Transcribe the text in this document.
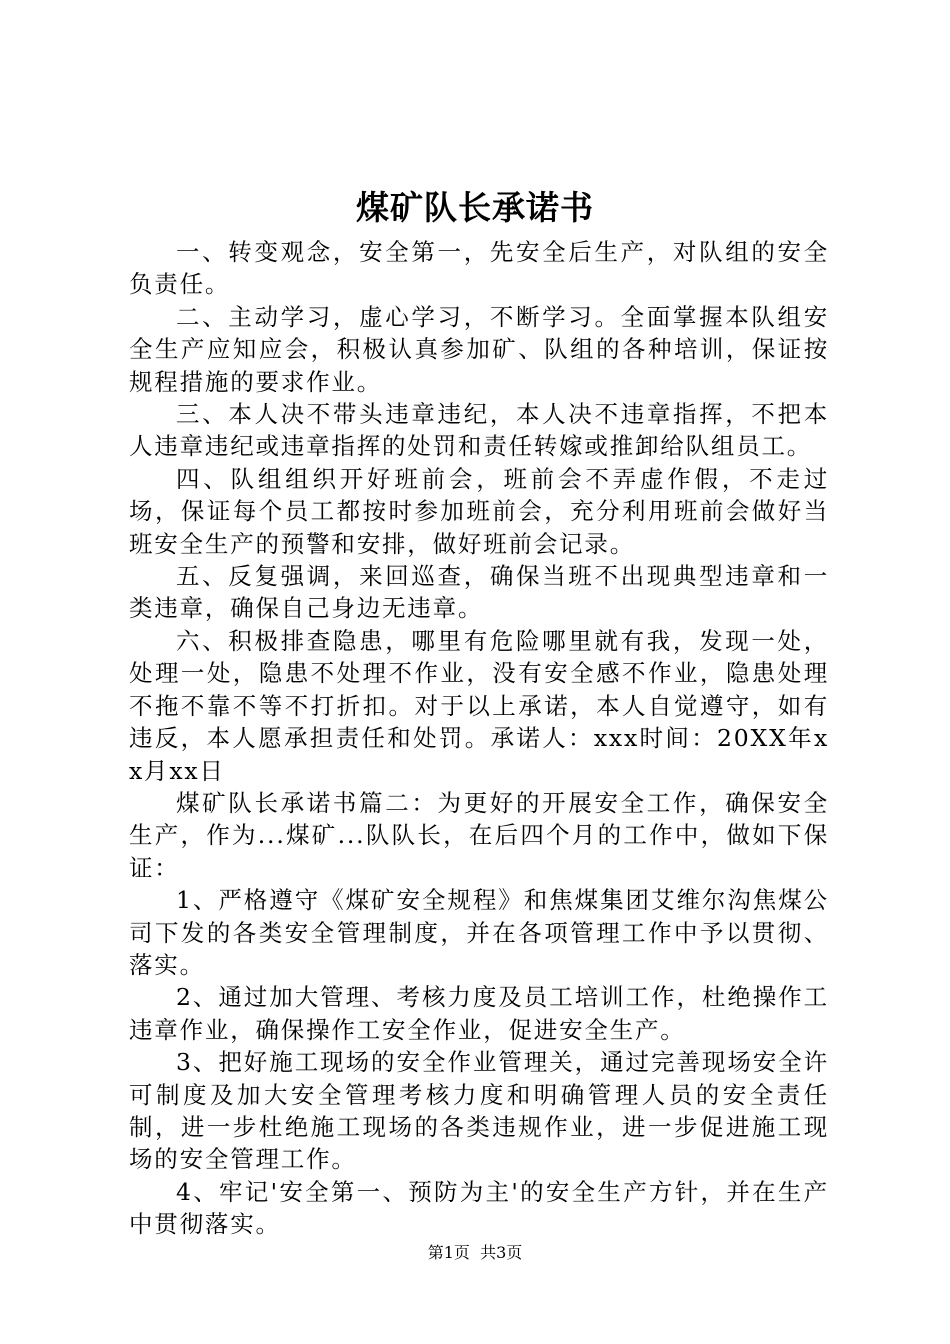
煤矿队长承诺书

一、转变观念，安全第一，先安全后生产，对队组的安全负责任。

二、主动学习，虚心学习，不断学习。全面掌握本队组安全生产应知应会，积极认真参加矿、队组的各种培训，保证按规程措施的要求作业。

三、本人决不带头违章违纪，本人决不违章指挥，不把本人违章违纪或违章指挥的处罚和责任转嫁或推卸给队组员工。

四、队组组织开好班前会，班前会不弄虚作假，不走过场，保证每个员工都按时参加班前会，充分利用班前会做好当班安全生产的预警和安排，做好班前会记录。

五、反复强调，来回巡查，确保当班不出现典型违章和一类违章，确保自己身边无违章。

六、积极排查隐患，哪里有危险哪里就有我，发现一处，处理一处，隐患不处理不作业，没有安全感不作业，隐患处理不拖不靠不等不打折扣。对于以上承诺，本人自觉遵守，如有违反，本人愿承担责任和处罚。承诺人：xxx时间：20XX年xx月xx日

煤矿队长承诺书篇二：为更好的开展安全工作，确保安全生产，作为...煤矿...队队长，在后四个月的工作中，做如下保证：

1、严格遵守《煤矿安全规程》和焦煤集团艾维尔沟焦煤公司下发的各类安全管理制度，并在各项管理工作中予以贯彻、落实。

2、通过加大管理、考核力度及员工培训工作，杜绝操作工违章作业，确保操作工安全作业，促进安全生产。

3、把好施工现场的安全作业管理关，通过完善现场安全许可制度及加大安全管理考核力度和明确管理人员的安全责任制，进一步杜绝施工现场的各类违规作业，进一步促进施工现场的安全管理工作。

4、牢记'安全第一、预防为主'的安全生产方针，并在生产中贯彻落实。

第1页  共3页
